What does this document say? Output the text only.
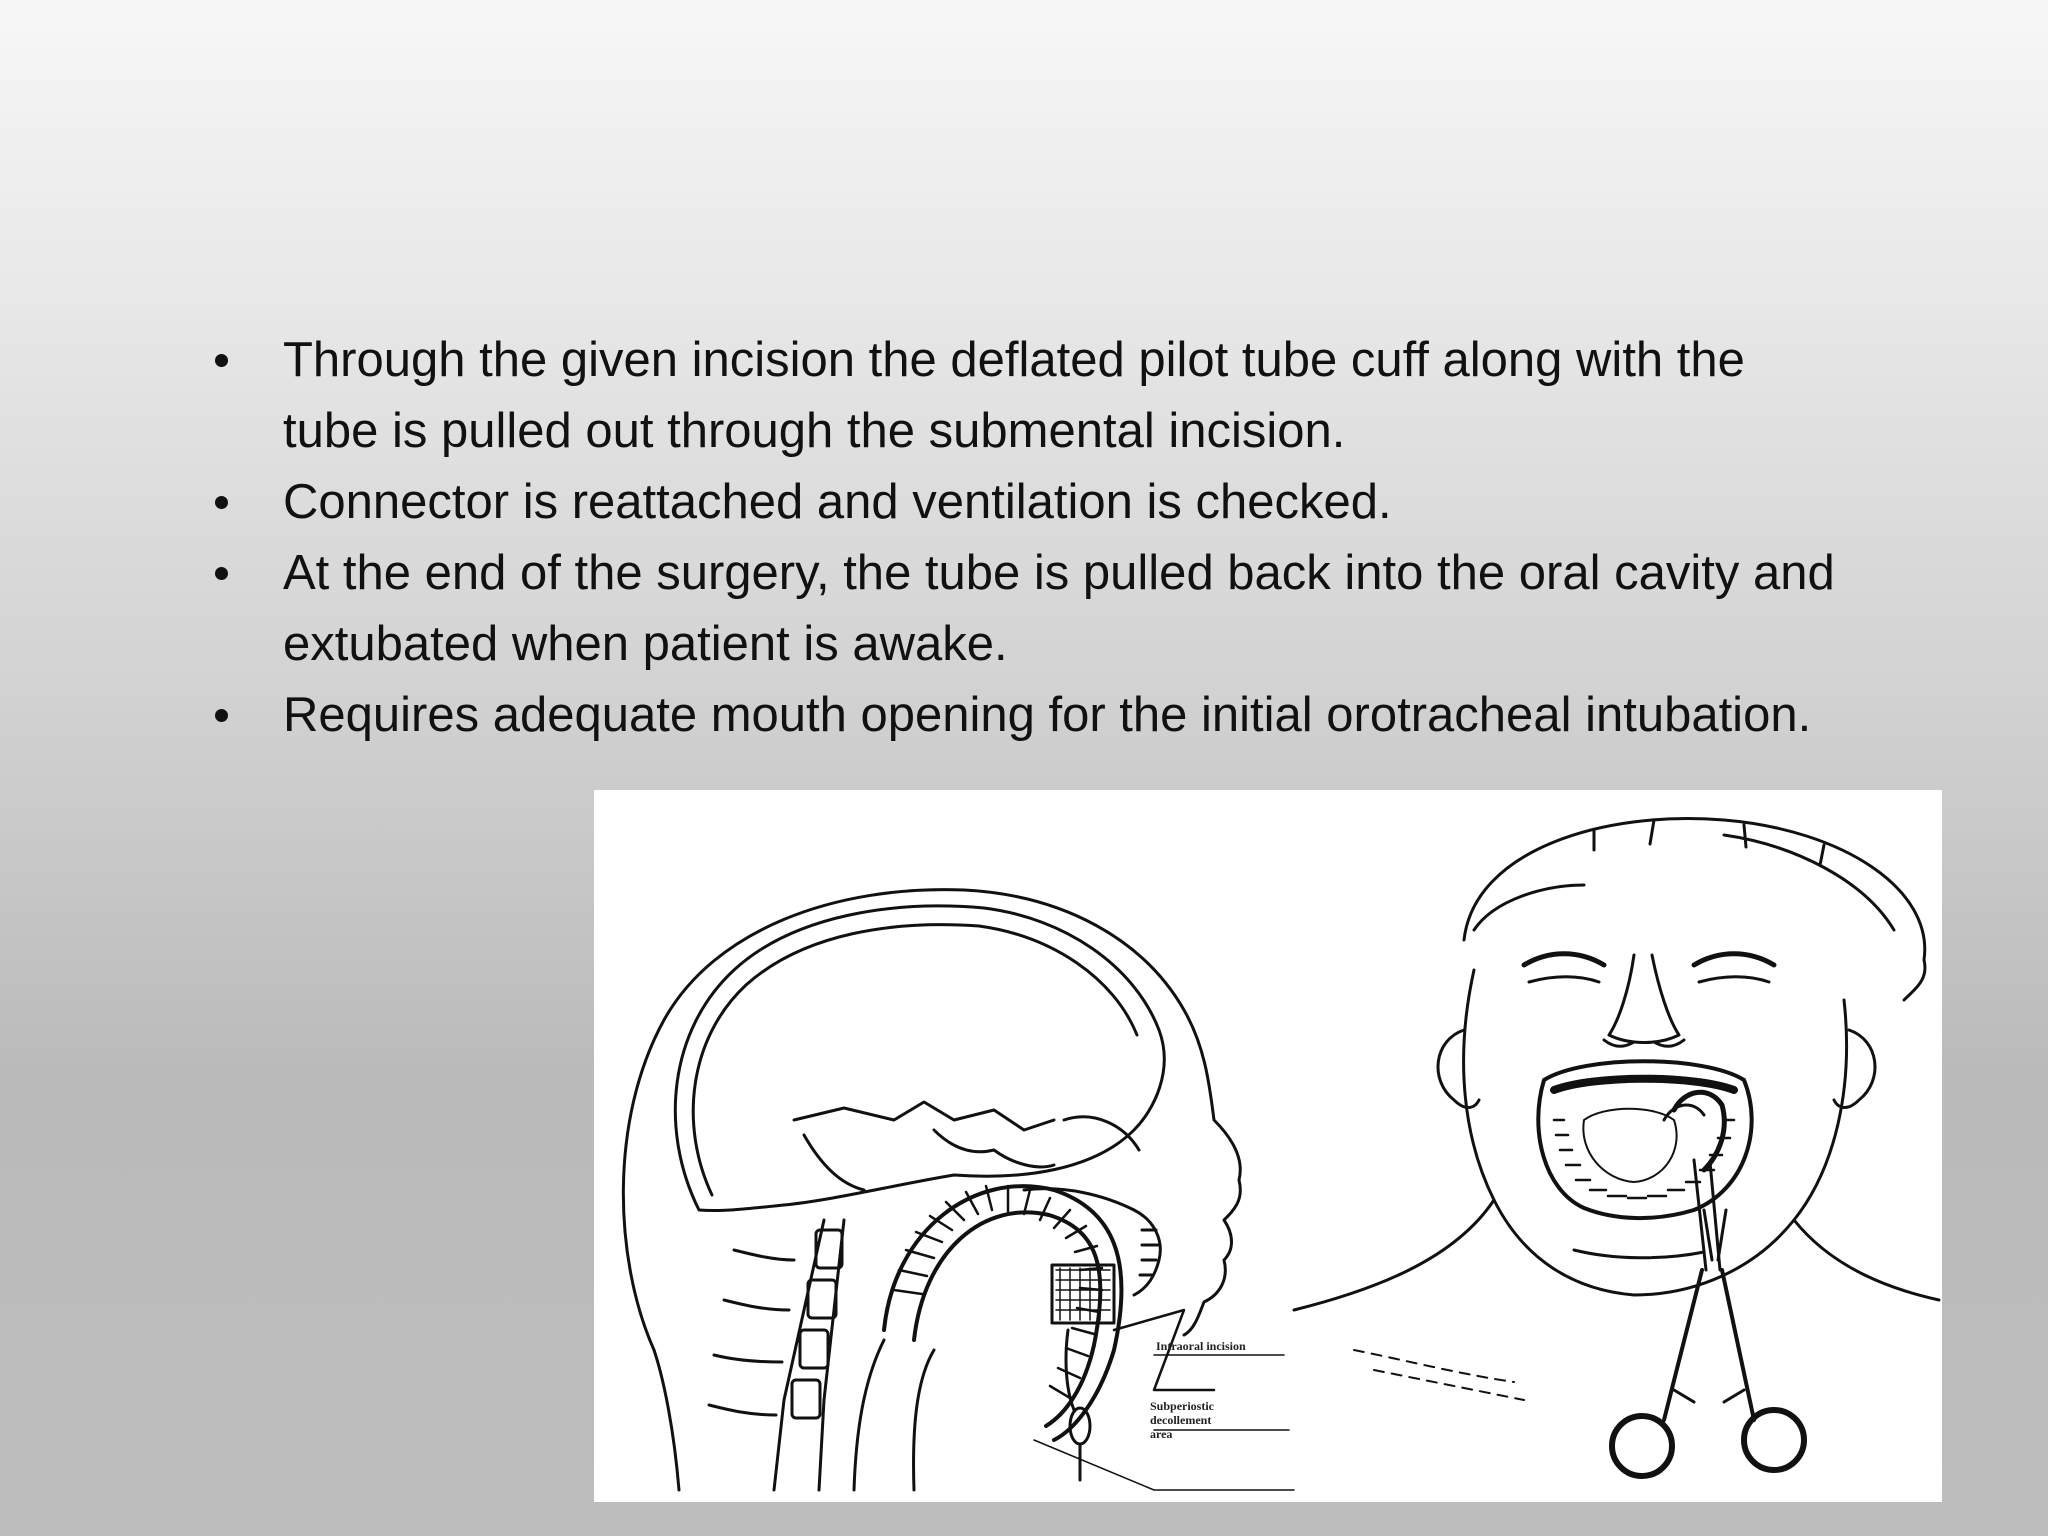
Through the given incision the deflated pilot tube cuff along with the tube is pulled out through the submental incision.
Connector is reattached and ventilation is checked.
At the end of the surgery, the tube is pulled back into the oral cavity and extubated when patient is awake.
Requires adequate mouth opening for the initial orotracheal intubation.
Intraoral incision
Subperiostic
decollement
area
